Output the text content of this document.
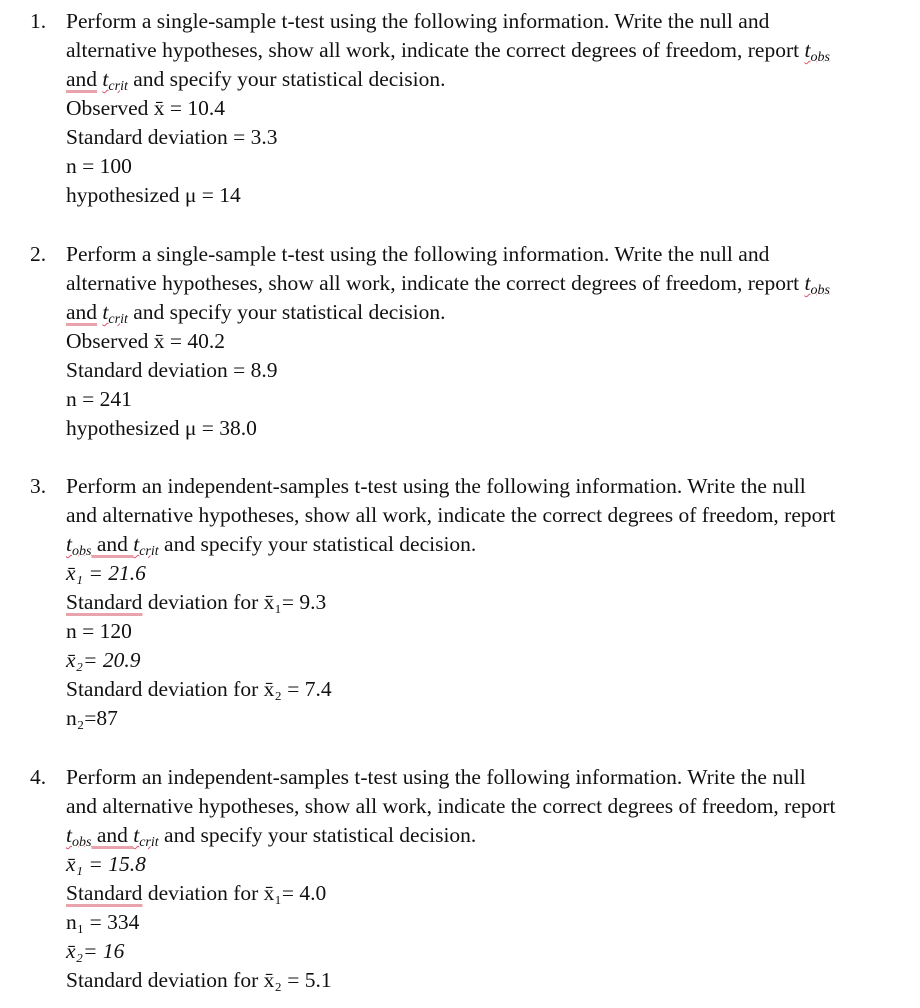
1. Perform a single-sample t-test using the following information. Write the null and
alternative hypotheses, show all work, indicate the correct degrees of freedom, report $t_{obs}$
and $t_{crit}$ and specify your statistical decision.
Observed x̄ = 10.4
Standard deviation = 3.3
n = 100
hypothesized μ = 14
2. Perform a single-sample t-test using the following information. Write the null and
alternative hypotheses, show all work, indicate the correct degrees of freedom, report $t_{obs}$
and $t_{crit}$ and specify your statistical decision.
Observed x̄ = 40.2
Standard deviation = 8.9
n = 241
hypothesized μ = 38.0
3. Perform an independent-samples t-test using the following information. Write the null
and alternative hypotheses, show all work, indicate the correct degrees of freedom, report
$t_{obs}$ and $t_{crit}$ and specify your statistical decision.
x̄₁ = 21.6
Standard deviation for x̄₁= 9.3
n = 120
x̄₂= 20.9
Standard deviation for x̄₂ = 7.4
n₂=87
4. Perform an independent-samples t-test using the following information. Write the null
and alternative hypotheses, show all work, indicate the correct degrees of freedom, report
$t_{obs}$ and $t_{crit}$ and specify your statistical decision.
x̄₁ = 15.8
Standard deviation for x̄₁= 4.0
n₁ = 334
x̄₂= 16
Standard deviation for x̄₂ = 5.1
